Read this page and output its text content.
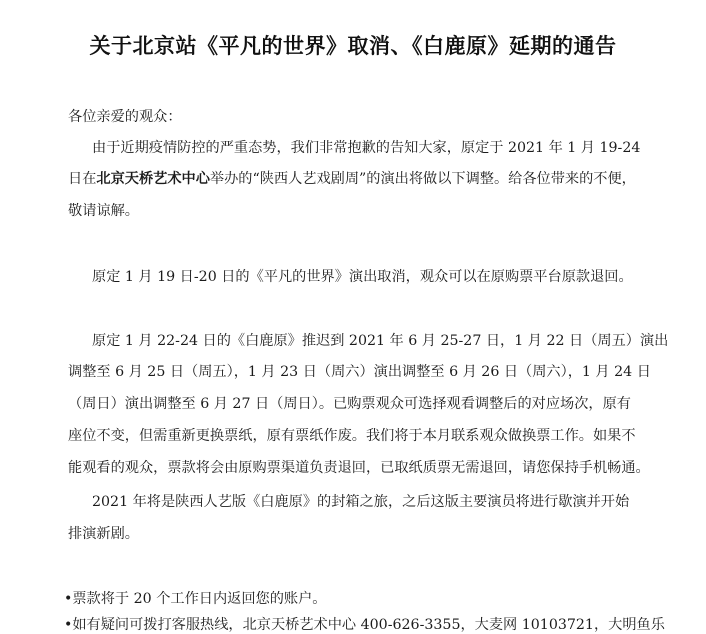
关于北京站《平凡的世界》取消、《白鹿原》延期的通告
各位亲爱的观众：
由于近期疫情防控的严重态势，我们非常抱歉的告知大家，原定于 2021 年 1 月 19-24
日在北京天桥艺术中心举办的“陕西人艺戏剧周”的演出将做以下调整。给各位带来的不便，
敬请谅解。
原定 1 月 19 日-20 日的《平凡的世界》演出取消，观众可以在原购票平台原款退回。
原定 1 月 22-24 日的《白鹿原》推迟到 2021 年 6 月 25-27 日，1 月 22 日（周五）演出
调整至 6 月 25 日（周五），1 月 23 日（周六）演出调整至 6 月 26 日（周六），1 月 24 日
（周日）演出调整至 6 月 27 日（周日）。已购票观众可选择观看调整后的对应场次，原有
座位不变，但需重新更换票纸，原有票纸作废。我们将于本月联系观众做换票工作。如果不
能观看的观众，票款将会由原购票渠道负责退回，已取纸质票无需退回，请您保持手机畅通。
2021 年将是陕西人艺版《白鹿原》的封箱之旅，之后这版主要演员将进行歇演并开始
排演新剧。
•票款将于 20 个工作日内返回您的账户。
•如有疑问可拨打客服热线，北京天桥艺术中心 400-626-3355，大麦网 10103721，大明鱼乐
